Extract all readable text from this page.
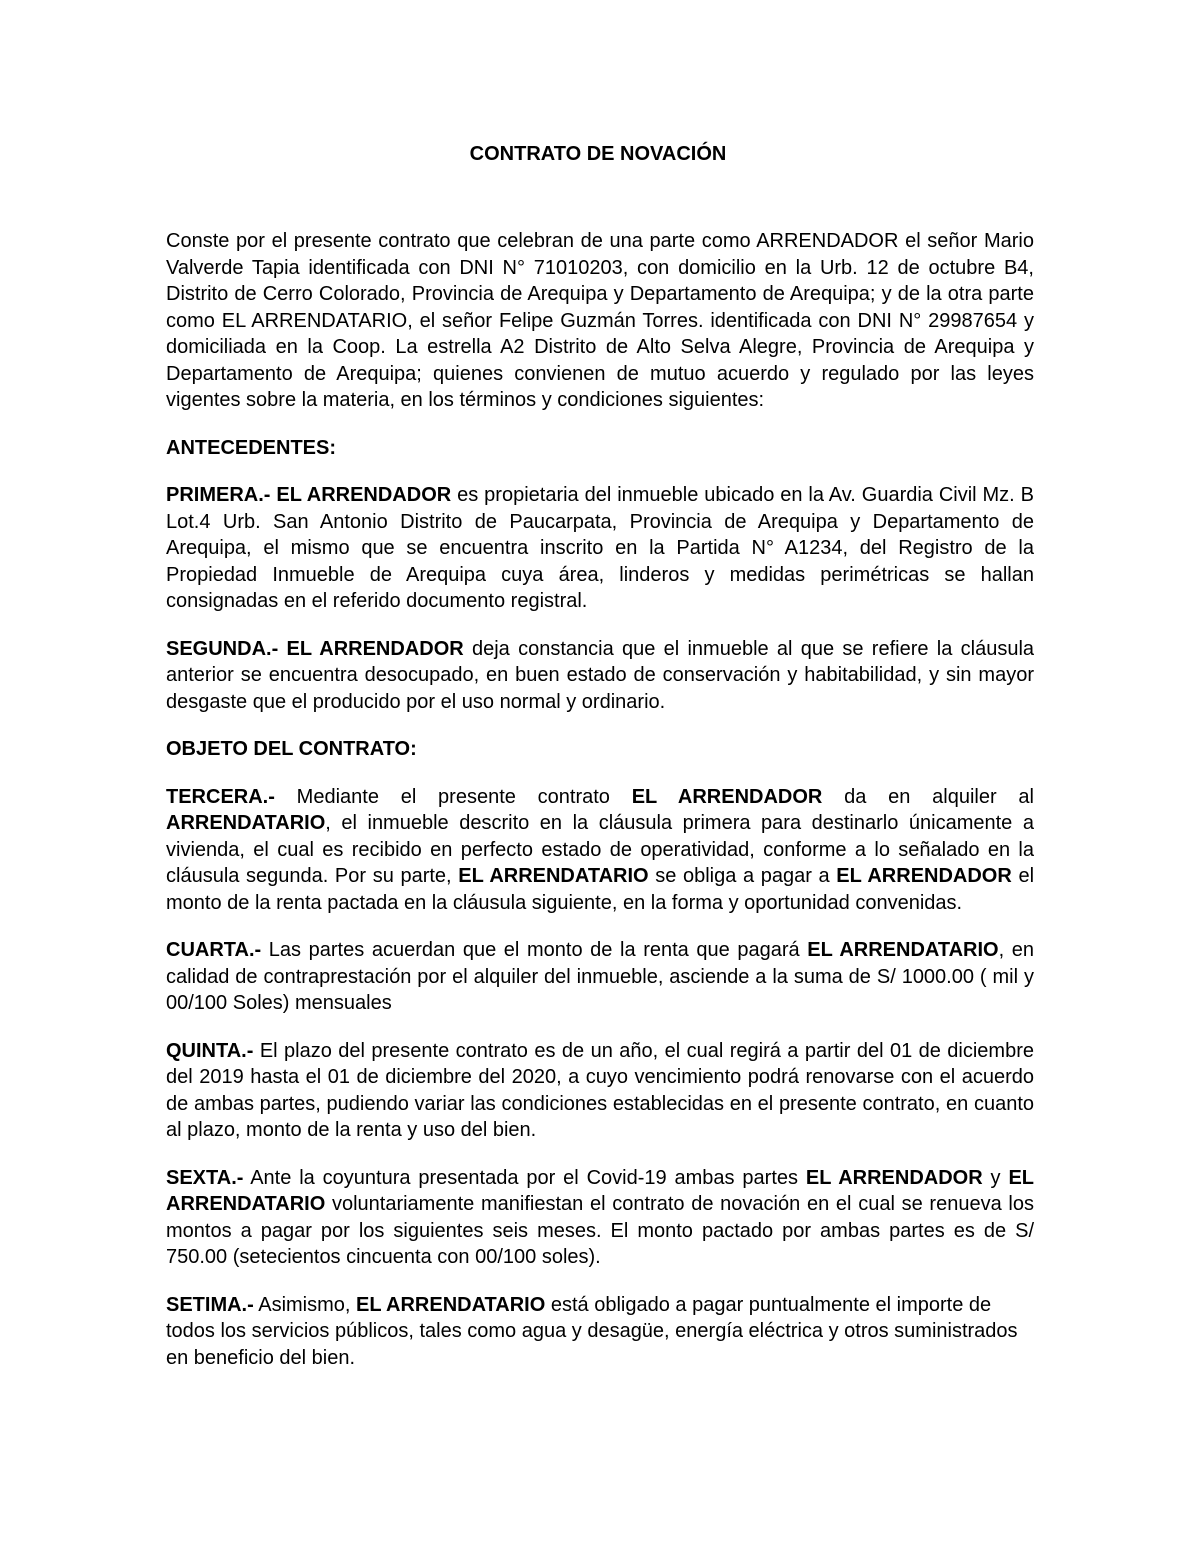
CONTRATO DE NOVACIÓN

Conste por el presente contrato que celebran de una parte como ARRENDADOR el señor Mario Valverde Tapia identificada con DNI N° 71010203, con domicilio en la Urb. 12 de octubre B4, Distrito de Cerro Colorado, Provincia de Arequipa y Departamento de Arequipa; y de la otra parte como EL ARRENDATARIO, el señor Felipe Guzmán Torres. identificada con DNI N° 29987654 y domiciliada en la Coop. La estrella A2 Distrito de Alto Selva Alegre, Provincia de Arequipa y Departamento de Arequipa; quienes convienen de mutuo acuerdo y regulado por las leyes vigentes sobre la materia, en los términos y condiciones siguientes:

ANTECEDENTES:

PRIMERA.- EL ARRENDADOR es propietaria del inmueble ubicado en la Av. Guardia Civil Mz. B Lot.4 Urb. San Antonio Distrito de Paucarpata, Provincia de Arequipa y Departamento de Arequipa, el mismo que se encuentra inscrito en la Partida N° A1234, del Registro de la Propiedad Inmueble de Arequipa cuya área, linderos y medidas perimétricas se hallan consignadas en el referido documento registral.

SEGUNDA.- EL ARRENDADOR deja constancia que el inmueble al que se refiere la cláusula anterior se encuentra desocupado, en buen estado de conservación y habitabilidad, y sin mayor desgaste que el producido por el uso normal y ordinario.

OBJETO DEL CONTRATO:

TERCERA.- Mediante el presente contrato EL ARRENDADOR da en alquiler al ARRENDATARIO, el inmueble descrito en la cláusula primera para destinarlo únicamente a vivienda, el cual es recibido en perfecto estado de operatividad, conforme a lo señalado en la cláusula segunda. Por su parte, EL ARRENDATARIO se obliga a pagar a EL ARRENDADOR el monto de la renta pactada en la cláusula siguiente, en la forma y oportunidad convenidas.

CUARTA.- Las partes acuerdan que el monto de la renta que pagará EL ARRENDATARIO, en calidad de contraprestación por el alquiler del inmueble, asciende a la suma de S/ 1000.00 ( mil y 00/100 Soles) mensuales

QUINTA.- El plazo del presente contrato es de un año, el cual regirá a partir del 01 de diciembre del 2019 hasta el 01 de diciembre del 2020, a cuyo vencimiento podrá renovarse con el acuerdo de ambas partes, pudiendo variar las condiciones establecidas en el presente contrato, en cuanto al plazo, monto de la renta y uso del bien.

SEXTA.- Ante la coyuntura presentada por el Covid-19 ambas partes EL ARRENDADOR y EL ARRENDATARIO voluntariamente manifiestan el contrato de novación en el cual se renueva los montos a pagar por los siguientes seis meses. El monto pactado por ambas partes es de S/ 750.00 (setecientos cincuenta con 00/100 soles).

SETIMA.- Asimismo, EL ARRENDATARIO está obligado a pagar puntualmente el importe de todos los servicios públicos, tales como agua y desagüe, energía eléctrica y otros suministrados en beneficio del bien.
